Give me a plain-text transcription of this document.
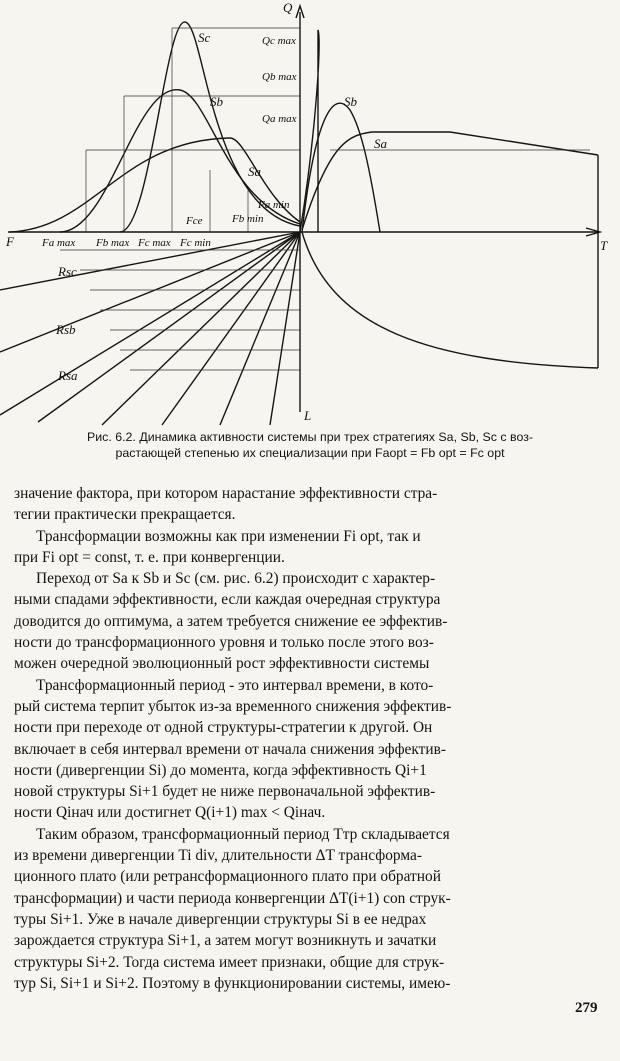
Q
T
F
L
Sc
Sb
Sa
Sb
Sa
Qc max
Qb max
Qa max
Fa min
Fa max Fb max Fc max Fc min
Fb min
Fce
Rsc
Rsb
Rsa
Рис. 6.2. Динамика активности системы при трех стратегиях Sa, Sb, Sc с воз-
растающей степенью их специализации при Faopt = Fb opt = Fc opt
значение фактора, при котором нарастание эффективности стра-
тегии практически прекращается.
Трансформации возможны как при изменении Fi opt, так и
при Fi opt = const, т. е. при конвергенции.
Переход от Sa к Sb и Sc (см. рис. 6.2) происходит с характер-
ными спадами эффективности, если каждая очередная структура
доводится до оптимума, а затем требуется снижение ее эффектив-
ности до трансформационного уровня и только после этого воз-
можен очередной эволюционный рост эффективности системы
Трансформационный период - это интервал времени, в кото-
рый система терпит убыток из-за временного снижения эффектив-
ности при переходе от одной структуры-стратегии к другой. Он
включает в себя интервал времени от начала снижения эффектив-
ности (дивергенции Si) до момента, когда эффективность Qi+1
новой структуры Si+1 будет не ниже первоначальной эффектив-
ности Qiнач или достигнет Q(i+1) max < Qiнач.
Таким образом, трансформационный период Tтр складывается
из времени дивергенции Ti div, длительности ΔT трансформа-
ционного плато (или ретрансформационного плато при обратной
трансформации) и части периода конвергенции ΔT(i+1) con струк-
туры Si+1. Уже в начале дивергенции структуры Si в ее недрах
зарождается структура Si+1, а затем могут возникнуть и зачатки
структуры Si+2. Тогда система имеет признаки, общие для струк-
тур Si, Si+1 и Si+2. Поэтому в функционировании системы, имею-
279
